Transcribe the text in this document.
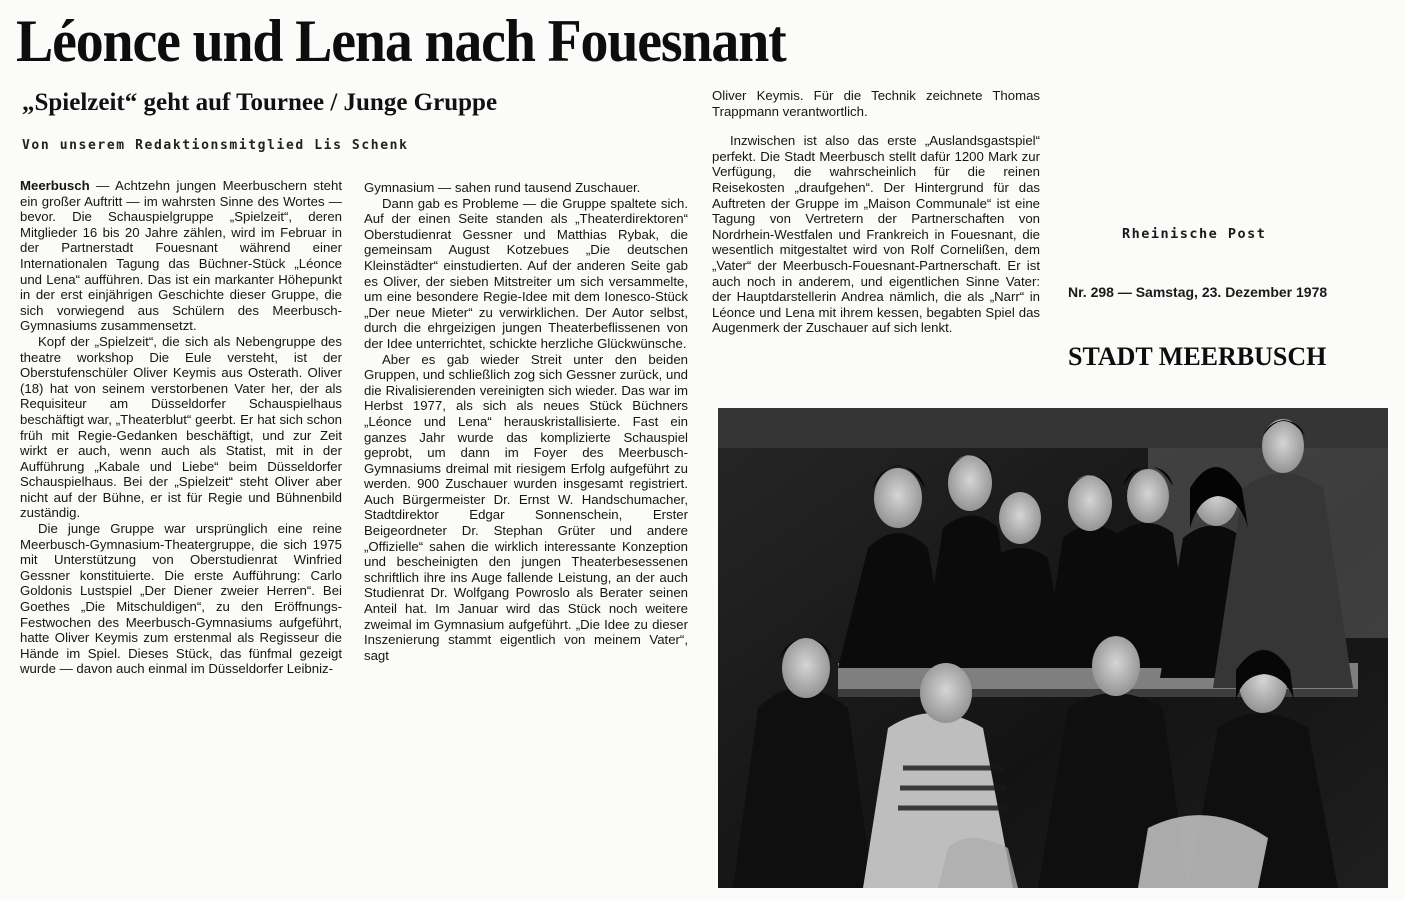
Léonce und Lena nach Fouesnant
„Spielzeit“ geht auf Tournee / Junge Gruppe
Von unserem Redaktionsmitglied Lis Schenk

Meerbusch — Achtzehn jungen Meerbuschern steht ein großer Auftritt — im wahrsten Sinne des Wortes — bevor. Die Schauspielgruppe „Spielzeit“, deren Mitglieder 16 bis 20 Jahre zählen, wird im Februar in der Partnerstadt Fouesnant während einer Internationalen Tagung das Büchner-Stück „Léonce und Lena“ aufführen. Das ist ein markanter Höhepunkt in der erst einjährigen Geschichte dieser Gruppe, die sich vorwiegend aus Schülern des Meerbusch-Gymnasiums zusammensetzt.

Kopf der „Spielzeit“, die sich als Nebengruppe des theatre workshop Die Eule versteht, ist der Oberstufenschüler Oliver Keymis aus Osterath. Oliver (18) hat von seinem verstorbenen Vater her, der als Requisiteur am Düsseldorfer Schauspielhaus beschäftigt war, „Theaterblut“ geerbt. Er hat sich schon früh mit Regie-Gedanken beschäftigt, und zur Zeit wirkt er auch, wenn auch als Statist, mit in der Aufführung „Kabale und Liebe“ beim Düsseldorfer Schauspielhaus. Bei der „Spielzeit“ steht Oliver aber nicht auf der Bühne, er ist für Regie und Bühnenbild zuständig.

Die junge Gruppe war ursprünglich eine reine Meerbusch-Gymnasium-Theatergruppe, die sich 1975 mit Unterstützung von Oberstudienrat Winfried Gessner konstituierte. Die erste Aufführung: Carlo Goldonis Lustspiel „Der Diener zweier Herren“. Bei Goethes „Die Mitschuldigen“, zu den Eröffnungs-Festwochen des Meerbusch-Gymnasiums aufgeführt, hatte Oliver Keymis zum erstenmal als Regisseur die Hände im Spiel. Dieses Stück, das fünfmal gezeigt wurde — davon auch einmal im Düsseldorfer Leibniz-

Gymnasium — sahen rund tausend Zuschauer.

Dann gab es Probleme — die Gruppe spaltete sich. Auf der einen Seite standen als „Theaterdirektoren“ Oberstudienrat Gessner und Matthias Rybak, die gemeinsam August Kotzebues „Die deutschen Kleinstädter“ einstudierten. Auf der anderen Seite gab es Oliver, der sieben Mitstreiter um sich versammelte, um eine besondere Regie-Idee mit dem Ionesco-Stück „Der neue Mieter“ zu verwirklichen. Der Autor selbst, durch die ehrgeizigen jungen Theaterbeflissenen von der Idee unterrichtet, schickte herzliche Glückwünsche.

Aber es gab wieder Streit unter den beiden Gruppen, und schließlich zog sich Gessner zurück, und die Rivalisierenden vereinigten sich wieder. Das war im Herbst 1977, als sich als neues Stück Büchners „Léonce und Lena“ herauskristallisierte. Fast ein ganzes Jahr wurde das komplizierte Schauspiel geprobt, um dann im Foyer des Meerbusch-Gymnasiums dreimal mit riesigem Erfolg aufgeführt zu werden. 900 Zuschauer wurden insgesamt registriert. Auch Bürgermeister Dr. Ernst W. Handschumacher, Stadtdirektor Edgar Sonnenschein, Erster Beigeordneter Dr. Stephan Grüter und andere „Offizielle“ sahen die wirklich interessante Konzeption und bescheinigten den jungen Theaterbesessenen schriftlich ihre ins Auge fallende Leistung, an der auch Studienrat Dr. Wolfgang Powroslo als Berater seinen Anteil hat. Im Januar wird das Stück noch weitere zweimal im Gymnasium aufgeführt. „Die Idee zu dieser Inszenierung stammt eigentlich von meinem Vater“, sagt

Oliver Keymis. Für die Technik zeichnete Thomas Trappmann verantwortlich.

Inzwischen ist also das erste „Auslandsgastspiel“ perfekt. Die Stadt Meerbusch stellt dafür 1200 Mark zur Verfügung, die wahrscheinlich für die reinen Reisekosten „draufgehen“. Der Hintergrund für das Auftreten der Gruppe im „Maison Communale“ ist eine Tagung von Vertretern der Partnerschaften von Nordrhein-Westfalen und Frankreich in Fouesnant, die wesentlich mitgestaltet wird von Rolf Cornelißen, dem „Vater“ der Meerbusch-Fouesnant-Partnerschaft. Er ist auch noch in anderem, und eigentlichen Sinne Vater: der Hauptdarstellerin Andrea nämlich, die als „Narr“ in Léonce und Lena mit ihrem kessen, begabten Spiel das Augenmerk der Zuschauer auf sich lenkt.

Rheinische Post
Nr. 298 — Samstag, 23. Dezember 1978
STADT MEERBUSCH
